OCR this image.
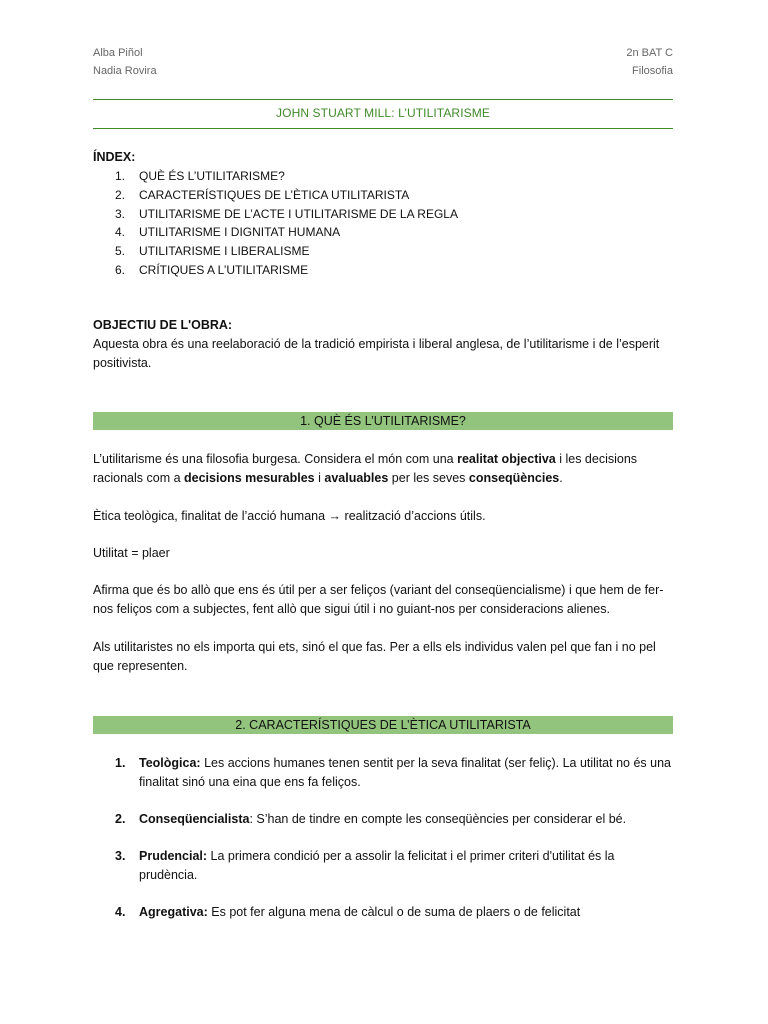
Alba Piñol
Nadia Rovira
2n BAT C
Filosofia
JOHN STUART MILL: L’UTILITARISME
ÍNDEX:
1.	QUÈ ÉS L’UTILITARISME?
2.	CARACTERÍSTIQUES DE L’ÈTICA UTILITARISTA
3.	UTILITARISME DE L’ACTE I UTILITARISME DE LA REGLA
4.	UTILITARISME I DIGNITAT HUMANA
5.	UTILITARISME I LIBERALISME
6.	CRÍTIQUES A L’UTILITARISME
OBJECTIU DE L'OBRA:
Aquesta obra és una reelaboració de la tradició empirista i liberal anglesa, de l’utilitarisme i de l’esperit positivista.
1. QUÈ ÉS L’UTILITARISME?
L’utilitarisme és una filosofia burgesa. Considera el món com una realitat objectiva i les decisions racionals com a decisions mesurables i avaluables per les seves conseqüències.
Ètica teològica, finalitat de l’acció humana → realització d’accions útils.
Utilitat = plaer
Afirma que és bo allò que ens és útil per a ser feliços (variant del conseqüencialisme) i que hem de fer-nos feliços com a subjectes, fent allò que sigui útil i no guiant-nos per consideracions alienes.
Als utilitaristes no els importa qui ets, sinó el que fas. Per a ells els individus valen pel que fan i no pel que representen.
2. CARACTERÍSTIQUES DE L’ÈTICA UTILITARISTA
1. Teològica: Les accions humanes tenen sentit per la seva finalitat (ser feliç). La utilitat no és una finalitat sinó una eina que ens fa feliços.
2. Conseqüencialista: S’han de tindre en compte les conseqüències per considerar el bé.
3. Prudencial: La primera condició per a assolir la felicitat i el primer criteri d'utilitat és la prudència.
4. Agregativa: Es pot fer alguna mena de càlcul o de suma de plaers o de felicitat
